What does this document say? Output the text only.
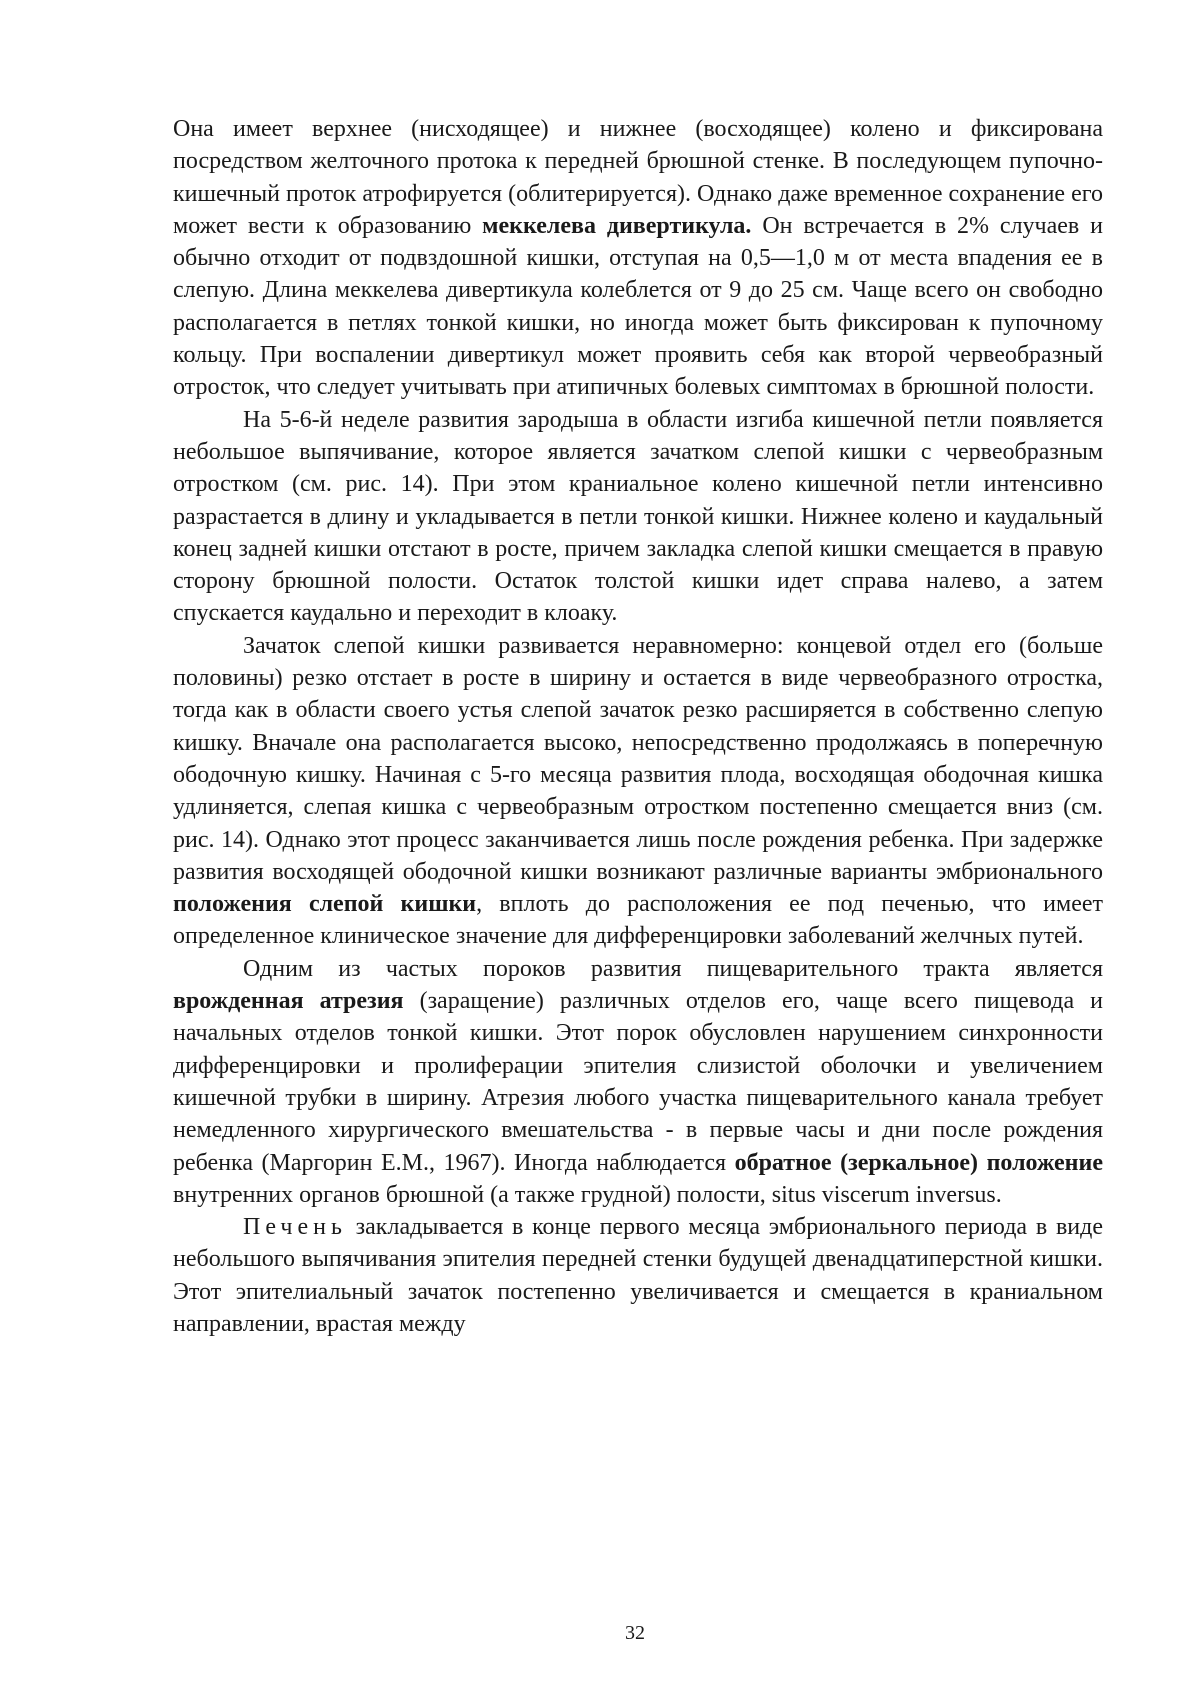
Она имеет верхнее (нисходящее) и нижнее (восходящее) колено и фиксирована посредством желточного протока к передней брюшной стенке. В последующем пупочно-кишечный проток атрофируется (облитерируется). Однако даже временное сохранение его может вести к образованию меккелева дивертикула. Он встречается в 2% случаев и обычно отходит от подвздошной кишки, отступая на 0,5—1,0 м от места впадения ее в слепую. Длина меккелева дивертикула колеблется от 9 до 25 см. Чаще всего он свободно располагается в петлях тонкой кишки, но иногда может быть фиксирован к пупочному кольцу. При воспалении дивертикул может проявить себя как второй червеобразный отросток, что следует учитывать при атипичных болевых симптомах в брюшной полости.

На 5-6-й неделе развития зародыша в области изгиба кишечной петли появляется небольшое выпячивание, которое является зачатком слепой кишки с червеобразным отростком (см. рис. 14). При этом краниальное колено кишечной петли интенсивно разрастается в длину и укладывается в петли тонкой кишки. Нижнее колено и каудальный конец задней кишки отстают в росте, причем закладка слепой кишки смещается в правую сторону брюшной полости. Остаток толстой кишки идет справа налево, а затем спускается каудально и переходит в клоаку.

Зачаток слепой кишки развивается неравномерно: концевой отдел его (больше половины) резко отстает в росте в ширину и остается в виде червеобразного отростка, тогда как в области своего устья слепой зачаток резко расширяется в собственно слепую кишку. Вначале она располагается высоко, непосредственно продолжаясь в поперечную ободочную кишку. Начиная с 5-го месяца развития плода, восходящая ободочная кишка удлиняется, слепая кишка с червеобразным отростком постепенно смещается вниз (см. рис. 14). Однако этот процесс заканчивается лишь после рождения ребенка. При задержке развития восходящей ободочной кишки возникают различные варианты эмбрионального положения слепой кишки, вплоть до расположения ее под печенью, что имеет определенное клиническое значение для дифференцировки заболеваний желчных путей.

Одним из частых пороков развития пищеварительного тракта является врожденная атрезия (заращение) различных отделов его, чаще всего пищевода и начальных отделов тонкой кишки. Этот порок обусловлен нарушением синхронности дифференцировки и пролиферации эпителия слизистой оболочки и увеличением кишечной трубки в ширину. Атрезия любого участка пищеварительного канала требует немедленного хирургического вмешательства - в первые часы и дни после рождения ребенка (Маргорин Е.М., 1967). Иногда наблюдается обратное (зеркальное) положение внутренних органов брюшной (а также грудной) полости, situs viscerum inversus.

Печень закладывается в конце первого месяца эмбрионального периода в виде небольшого выпячивания эпителия передней стенки будущей двенадцатиперстной кишки. Этот эпителиальный зачаток постепенно увеличивается и смещается в краниальном направлении, врастая между

32
